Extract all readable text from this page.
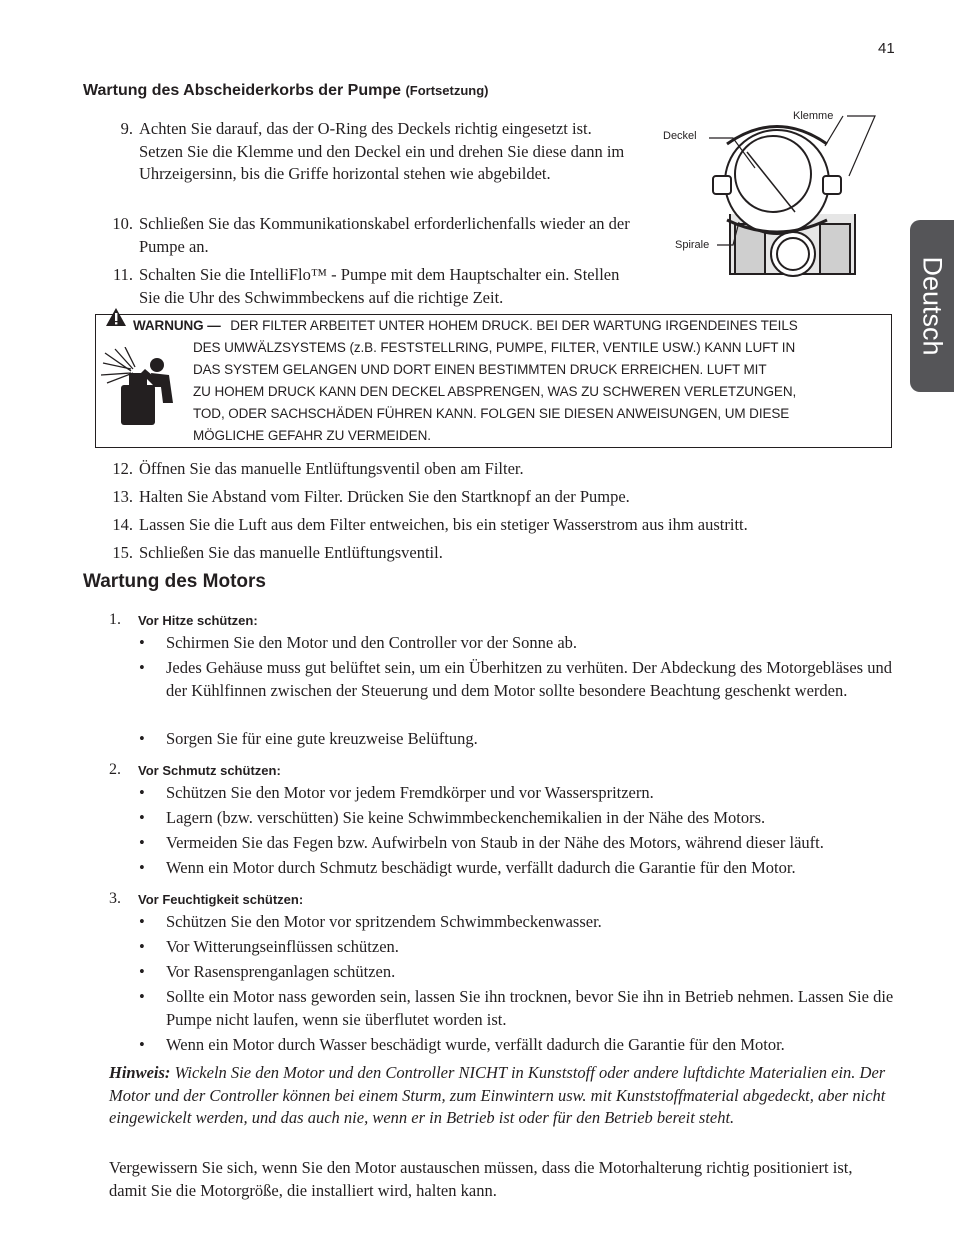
41
Deutsch
Wartung des Abscheiderkorbs der Pumpe (Fortsetzung)
9. Achten Sie darauf, das der O-Ring des Deckels richtig eingesetzt ist. Setzen Sie die Klemme und den Deckel ein und drehen Sie diese dann im Uhrzeigersinn, bis die Griffe horizontal stehen wie abgebildet.
10. Schließen Sie das Kommunikationskabel erforderlichenfalls wieder an der Pumpe an.
11. Schalten Sie die IntelliFlo™ - Pumpe mit dem Hauptschalter ein. Stellen Sie die Uhr des Schwimmbeckens auf die richtige Zeit.
Klemme
Deckel
Spirale
WARNUNG — DER FILTER ARBEITET UNTER HOHEM DRUCK. BEI DER WARTUNG IRGENDEINES TEILS
DES UMWÄLZSYSTEMS (z.B. FESTSTELLRING, PUMPE, FILTER, VENTILE USW.) KANN LUFT IN
DAS SYSTEM GELANGEN UND DORT EINEN BESTIMMTEN DRUCK ERREICHEN. LUFT MIT
ZU HOHEM DRUCK KANN DEN DECKEL ABSPRENGEN, WAS ZU SCHWEREN VERLETZUNGEN,
TOD, ODER SACHSCHÄDEN FÜHREN KANN. FOLGEN SIE DIESEN ANWEISUNGEN, UM DIESE
MÖGLICHE GEFAHR ZU VERMEIDEN.
12. Öffnen Sie das manuelle Entlüftungsventil oben am Filter.
13. Halten Sie Abstand vom Filter. Drücken Sie den Startknopf an der Pumpe.
14. Lassen Sie die Luft aus dem Filter entweichen, bis ein stetiger Wasserstrom aus ihm austritt.
15. Schließen Sie das manuelle Entlüftungsventil.
Wartung des Motors
1. Vor Hitze schützen:
• Schirmen Sie den Motor und den Controller vor der Sonne ab.
• Jedes Gehäuse muss gut belüftet sein, um ein Überhitzen zu verhüten. Der Abdeckung des Motorgebläses und der Kühlfinnen zwischen der Steuerung und dem Motor sollte besondere Beachtung geschenkt werden.
• Sorgen Sie für eine gute kreuzweise Belüftung.
2. Vor Schmutz schützen:
• Schützen Sie den Motor vor jedem Fremdkörper und vor Wasserspritzern.
• Lagern (bzw. verschütten) Sie keine Schwimmbeckenchemikalien in der Nähe des Motors.
• Vermeiden Sie das Fegen bzw. Aufwirbeln von Staub in der Nähe des Motors, während dieser läuft.
• Wenn ein Motor durch Schmutz beschädigt wurde, verfällt dadurch die Garantie für den Motor.
3. Vor Feuchtigkeit schützen:
• Schützen Sie den Motor vor spritzendem Schwimmbeckenwasser.
• Vor Witterungseinflüssen schützen.
• Vor Rasensprenganlagen schützen.
• Sollte ein Motor nass geworden sein, lassen Sie ihn trocknen, bevor Sie ihn in Betrieb nehmen. Lassen Sie die Pumpe nicht laufen, wenn sie überflutet worden ist.
• Wenn ein Motor durch Wasser beschädigt wurde, verfällt dadurch die Garantie für den Motor.
Hinweis: Wickeln Sie den Motor und den Controller NICHT in Kunststoff oder andere luftdichte Materialien ein. Der Motor und der Controller können bei einem Sturm, zum Einwintern usw. mit Kunststoffmaterial abgedeckt, aber nicht eingewickelt werden, und das auch nie, wenn er in Betrieb ist oder für den Betrieb bereit steht.
Vergewissern Sie sich, wenn Sie den Motor austauschen müssen, dass die Motorhalterung richtig positioniert ist, damit Sie die Motorgröße, die installiert wird, halten kann.
